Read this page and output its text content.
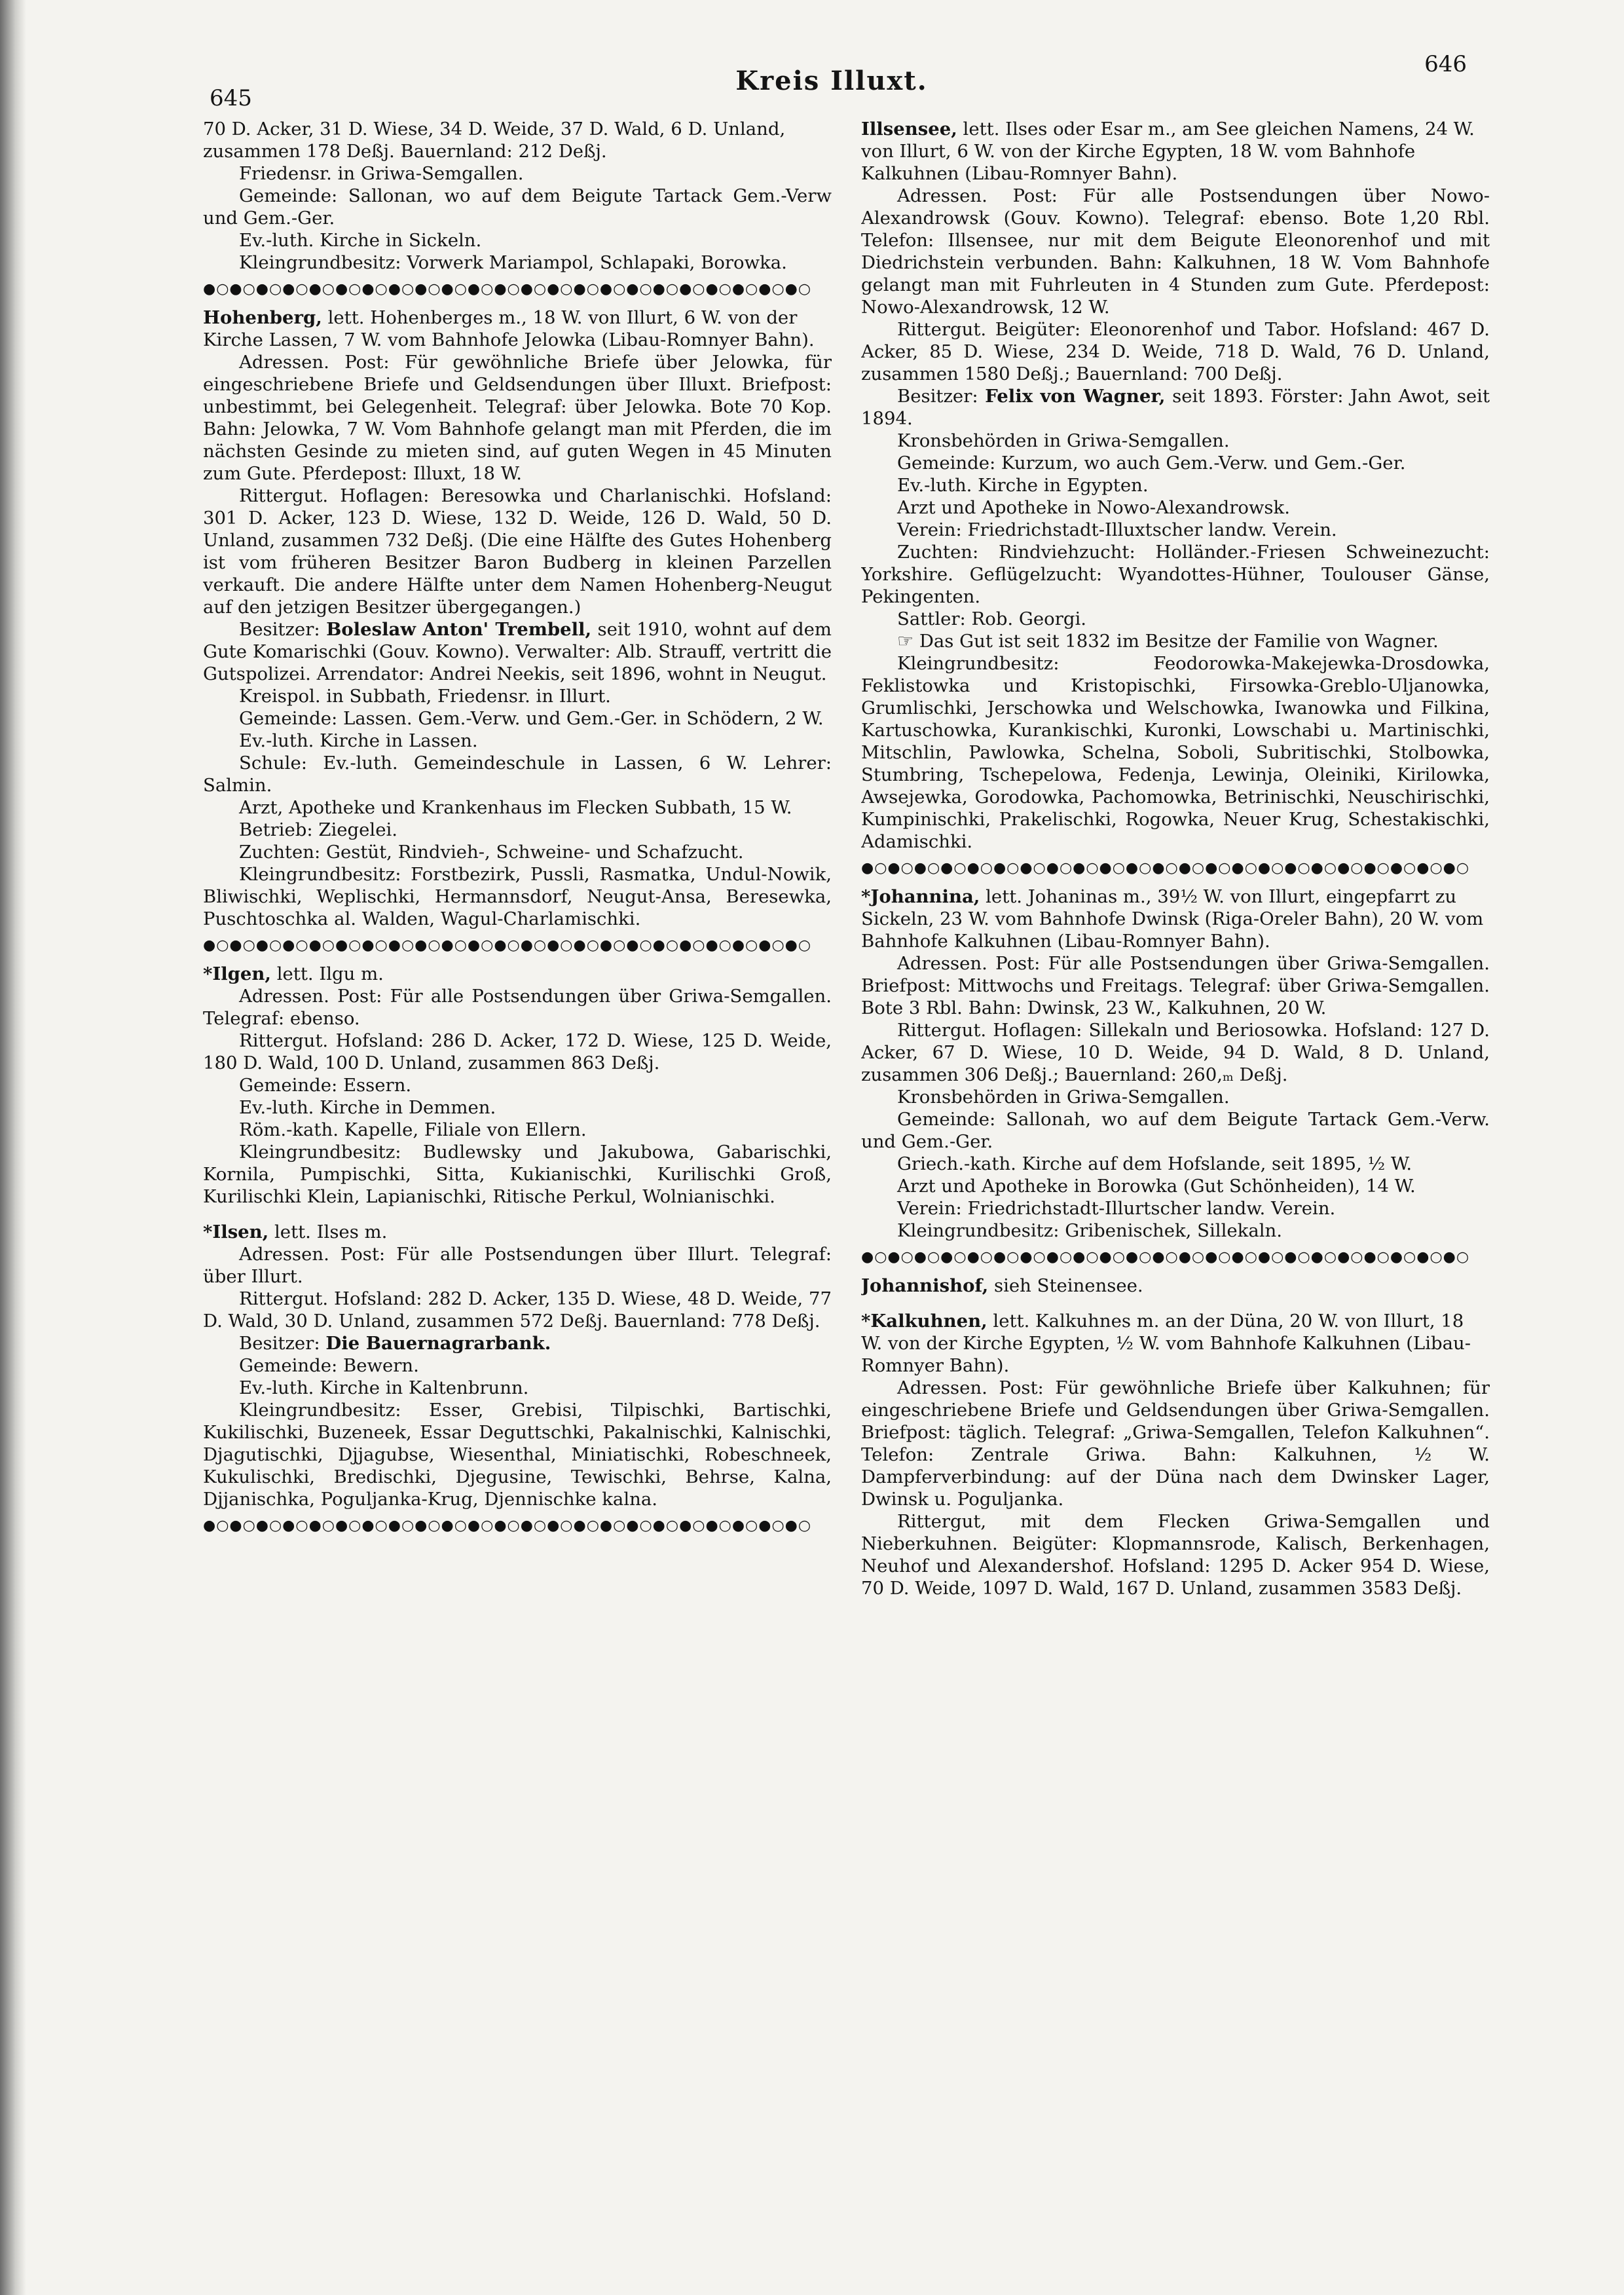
645
Kreis Illuxt.
646

70 D. Acker, 31 D. Wiese, 34 D. Weide, 37 D. Wald, 6 D. Unland, zusammen 178 Deßj. Bauernland: 212 Deßj.

Friedensr. in Griwa-Semgallen.

Gemeinde: Sallonan, wo auf dem Beigute Tartack Gem.-Verw und Gem.-Ger.

Ev.-luth. Kirche in Sickeln.

Kleingrundbesitz: Vorwerk Mariampol, Schlapaki, Borowka.

●○●○●○●○●○●○●○●○●○●○●○●○●○●○●○●○●○●○●○●○●○●○●○

Hohenberg, lett. Hohenberges m., 18 W. von Illurt, 6 W. von der Kirche Lassen, 7 W. vom Bahnhofe Jelowka (Libau-Romnyer Bahn).

Adressen. Post: Für gewöhnliche Briefe über Jelowka, für eingeschriebene Briefe und Geldsendungen über Illuxt. Briefpost: unbestimmt, bei Gelegenheit. Telegraf: über Jelowka. Bote 70 Kop. Bahn: Jelowka, 7 W. Vom Bahnhofe gelangt man mit Pferden, die im nächsten Gesinde zu mieten sind, auf guten Wegen in 45 Minuten zum Gute. Pferdepost: Illuxt, 18 W.

Rittergut. Hoflagen: Beresowka und Charlanischki. Hofsland: 301 D. Acker, 123 D. Wiese, 132 D. Weide, 126 D. Wald, 50 D. Unland, zusammen 732 Deßj. (Die eine Hälfte des Gutes Hohenberg ist vom früheren Besitzer Baron Budberg in kleinen Parzellen verkauft. Die andere Hälfte unter dem Namen Hohenberg-Neugut auf den jetzigen Besitzer übergegangen.)

Besitzer: Boleslaw Anton' Trembell, seit 1910, wohnt auf dem Gute Komarischki (Gouv. Kowno). Verwalter: Alb. Strauff, vertritt die Gutspolizei. Arrendator: Andrei Neekis, seit 1896, wohnt in Neugut.

Kreispol. in Subbath, Friedensr. in Illurt.

Gemeinde: Lassen. Gem.-Verw. und Gem.-Ger. in Schödern, 2 W.

Ev.-luth. Kirche in Lassen.

Schule: Ev.-luth. Gemeindeschule in Lassen, 6 W. Lehrer: Salmin.

Arzt, Apotheke und Krankenhaus im Flecken Subbath, 15 W.

Betrieb: Ziegelei.

Zuchten: Gestüt, Rindvieh-, Schweine- und Schafzucht.

Kleingrundbesitz: Forstbezirk, Pussli, Rasmatka, Undul-Nowik, Bliwischki, Weplischki, Hermannsdorf, Neugut-Ansa, Beresewka, Puschtoschka al. Walden, Wagul-Charlamischki.

●○●○●○●○●○●○●○●○●○●○●○●○●○●○●○●○●○●○●○●○●○●○●○

*Ilgen, lett. Ilgu m.

Adressen. Post: Für alle Postsendungen über Griwa-Semgallen. Telegraf: ebenso.

Rittergut. Hofsland: 286 D. Acker, 172 D. Wiese, 125 D. Weide, 180 D. Wald, 100 D. Unland, zusammen 863 Deßj.

Gemeinde: Essern.

Ev.-luth. Kirche in Demmen.

Röm.-kath. Kapelle, Filiale von Ellern.

Kleingrundbesitz: Budlewsky und Jakubowa, Gabarischki, Kornila, Pumpischki, Sitta, Kukianischki, Kurilischki Groß, Kurilischki Klein, Lapianischki, Ritische Perkul, Wolnianischki.

*Ilsen, lett. Ilses m.

Adressen. Post: Für alle Postsendungen über Illurt. Telegraf: über Illurt.

Rittergut. Hofsland: 282 D. Acker, 135 D. Wiese, 48 D. Weide, 77 D. Wald, 30 D. Unland, zusammen 572 Deßj. Bauernland: 778 Deßj.

Besitzer: Die Bauernagrarbank.

Gemeinde: Bewern.

Ev.-luth. Kirche in Kaltenbrunn.

Kleingrundbesitz: Esser, Grebisi, Tilpischki, Bartischki, Kukilischki, Buzeneek, Essar Deguttschki, Pakalnischki, Kalnischki, Djagutischki, Djjagubse, Wiesenthal, Miniatischki, Robeschneek, Kukulischki, Bredischki, Djegusine, Tewischki, Behrse, Kalna, Djjanischka, Poguljanka-Krug, Djennischke kalna.

●○●○●○●○●○●○●○●○●○●○●○●○●○●○●○●○●○●○●○●○●○●○●○

Illsensee, lett. Ilses oder Esar m., am See gleichen Namens, 24 W. von Illurt, 6 W. von der Kirche Egypten, 18 W. vom Bahnhofe Kalkuhnen (Libau-Romnyer Bahn).

Adressen. Post: Für alle Postsendungen über Nowo-Alexandrowsk (Gouv. Kowno). Telegraf: ebenso. Bote 1,20 Rbl. Telefon: Illsensee, nur mit dem Beigute Eleonorenhof und mit Diedrichstein verbunden. Bahn: Kalkuhnen, 18 W. Vom Bahnhofe gelangt man mit Fuhrleuten in 4 Stunden zum Gute. Pferdepost: Nowo-Alexandrowsk, 12 W.

Rittergut. Beigüter: Eleonorenhof und Tabor. Hofsland: 467 D. Acker, 85 D. Wiese, 234 D. Weide, 718 D. Wald, 76 D. Unland, zusammen 1580 Deßj.; Bauernland: 700 Deßj.

Besitzer: Felix von Wagner, seit 1893. Förster: Jahn Awot, seit 1894.

Kronsbehörden in Griwa-Semgallen.

Gemeinde: Kurzum, wo auch Gem.-Verw. und Gem.-Ger.

Ev.-luth. Kirche in Egypten.

Arzt und Apotheke in Nowo-Alexandrowsk.

Verein: Friedrichstadt-Illuxtscher landw. Verein.

Zuchten: Rindviehzucht: Holländer.-Friesen Schweinezucht: Yorkshire. Geflügelzucht: Wyandottes-Hühner, Toulouser Gänse, Pekingenten.

Sattler: Rob. Georgi.

☞ Das Gut ist seit 1832 im Besitze der Familie von Wagner.

Kleingrundbesitz: Feodorowka-Makejewka-Drosdowka, Feklistowka und Kristopischki, Firsowka-Greblo-Uljanowka, Grumlischki, Jerschowka und Welschowka, Iwanowka und Filkina, Kartuschowka, Kurankischki, Kuronki, Lowschabi u. Martinischki, Mitschlin, Pawlowka, Schelna, Soboli, Subritischki, Stolbowka, Stumbring, Tschepelowa, Fedenja, Lewinja, Oleiniki, Kirilowka, Awsejewka, Gorodowka, Pachomowka, Betrinischki, Neuschirischki, Kumpinischki, Prakelischki, Rogowka, Neuer Krug, Schestakischki, Adamischki.

●○●○●○●○●○●○●○●○●○●○●○●○●○●○●○●○●○●○●○●○●○●○●○

*Johannina, lett. Johaninas m., 39½ W. von Illurt, eingepfarrt zu Sickeln, 23 W. vom Bahnhofe Dwinsk (Riga-Oreler Bahn), 20 W. vom Bahnhofe Kalkuhnen (Libau-Romnyer Bahn).

Adressen. Post: Für alle Postsendungen über Griwa-Semgallen. Briefpost: Mittwochs und Freitags. Telegraf: über Griwa-Semgallen. Bote 3 Rbl. Bahn: Dwinsk, 23 W., Kalkuhnen, 20 W.

Rittergut. Hoflagen: Sillekaln und Beriosowka. Hofsland: 127 D. Acker, 67 D. Wiese, 10 D. Weide, 94 D. Wald, 8 D. Unland, zusammen 306 Deßj.; Bauernland: 260,ₘ Deßj.

Kronsbehörden in Griwa-Semgallen.

Gemeinde: Sallonah, wo auf dem Beigute Tartack Gem.-Verw. und Gem.-Ger.

Griech.-kath. Kirche auf dem Hofslande, seit 1895, ½ W.

Arzt und Apotheke in Borowka (Gut Schönheiden), 14 W.

Verein: Friedrichstadt-Illurtscher landw. Verein.

Kleingrundbesitz: Gribenischek, Sillekaln.

●○●○●○●○●○●○●○●○●○●○●○●○●○●○●○●○●○●○●○●○●○●○●○

Johannishof, sieh Steinensee.

*Kalkuhnen, lett. Kalkuhnes m. an der Düna, 20 W. von Illurt, 18 W. von der Kirche Egypten, ½ W. vom Bahnhofe Kalkuhnen (Libau-Romnyer Bahn).

Adressen. Post: Für gewöhnliche Briefe über Kalkuhnen; für eingeschriebene Briefe und Geldsendungen über Griwa-Semgallen. Briefpost: täglich. Telegraf: „Griwa-Semgallen, Telefon Kalkuhnen“. Telefon: Zentrale Griwa. Bahn: Kalkuhnen, ½ W. Dampferverbindung: auf der Düna nach dem Dwinsker Lager, Dwinsk u. Poguljanka.

Rittergut, mit dem Flecken Griwa-Semgallen und Nieberkuhnen. Beigüter: Klopmannsrode, Kalisch, Berkenhagen, Neuhof und Alexandershof. Hofsland: 1295 D. Acker 954 D. Wiese, 70 D. Weide, 1097 D. Wald, 167 D. Unland, zusammen 3583 Deßj.
